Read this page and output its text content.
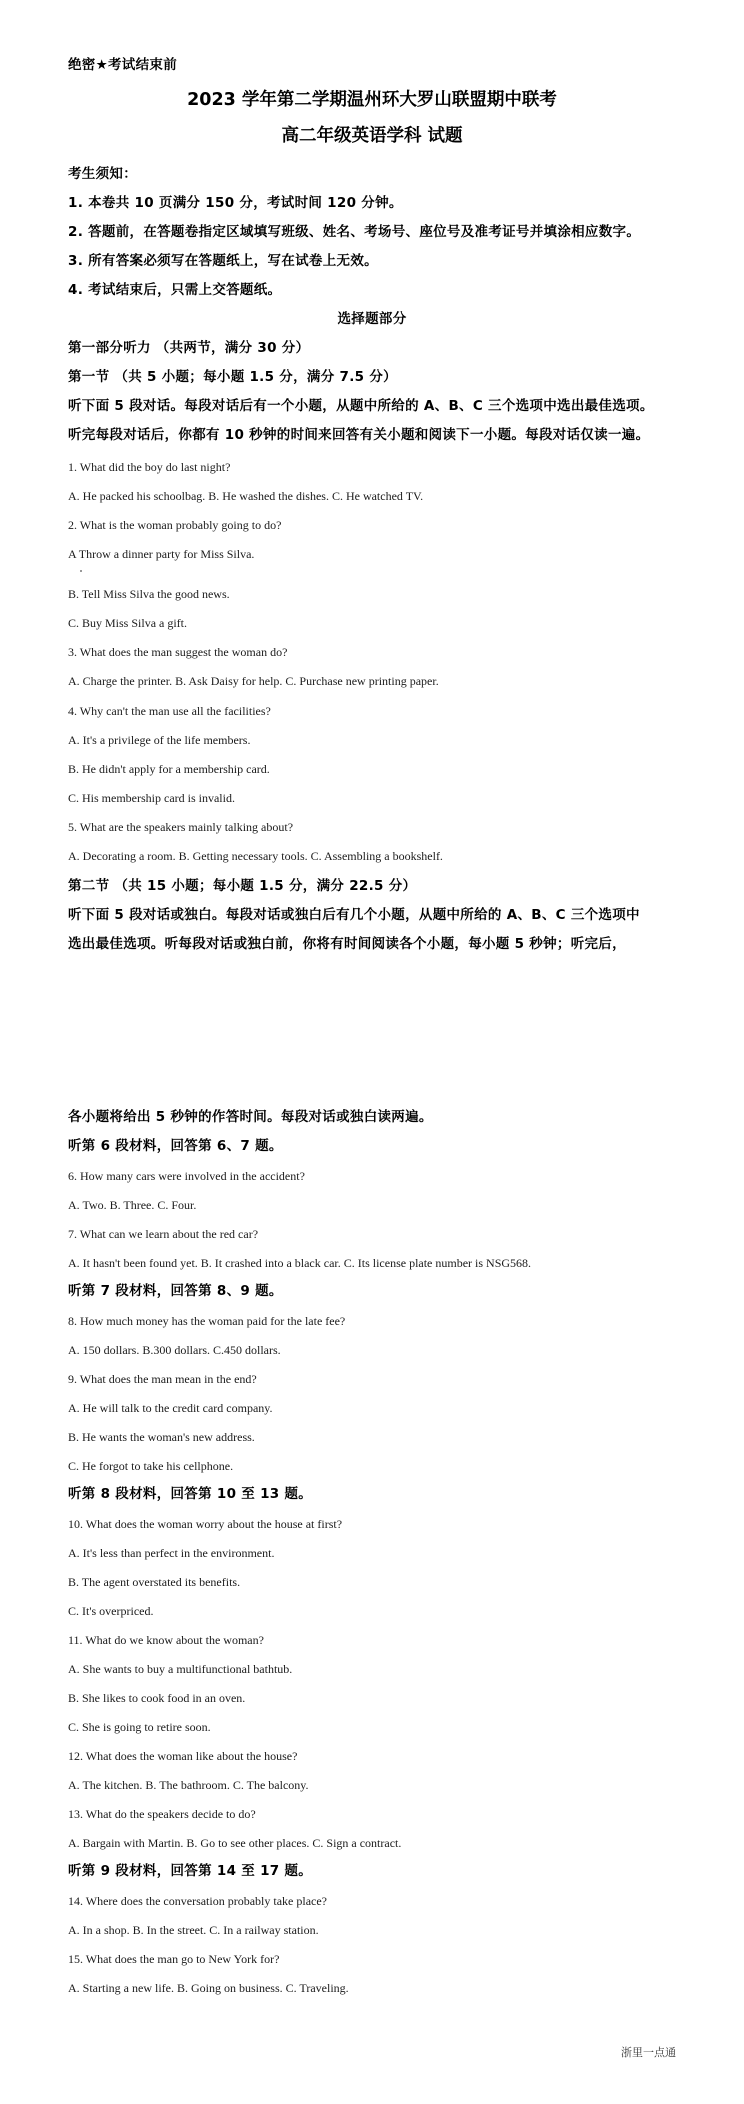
绝密★考试结束前
2023 学年第二学期温州环大罗山联盟期中联考
高二年级英语学科 试题
考生须知：
1. 本卷共 10 页满分 150 分，考试时间 120 分钟。
2. 答题前，在答题卷指定区域填写班级、姓名、考场号、座位号及准考证号并填涂相应数字。
3. 所有答案必须写在答题纸上，写在试卷上无效。
4. 考试结束后，只需上交答题纸。
选择题部分
第一部分听力 （共两节，满分 30 分）
第一节 （共 5 小题；每小题 1.5 分，满分 7.5 分）
听下面 5 段对话。每段对话后有一个小题，从题中所给的 A、B、C 三个选项中选出最佳选项。
听完每段对话后，你都有 10 秒钟的时间来回答有关小题和阅读下一小题。每段对话仅读一遍。
1. What did the boy do last night?
A. He packed his schoolbag. B. He washed the dishes. C. He watched TV.
2. What is the woman probably going to do?
A Throw a dinner party for Miss Silva.
B. Tell Miss Silva the good news.
C. Buy Miss Silva a gift.
3. What does the man suggest the woman do?
A. Charge the printer. B. Ask Daisy for help. C. Purchase new printing paper.
4. Why can't the man use all the facilities?
A. It's a privilege of the life members.
B. He didn't apply for a membership card.
C. His membership card is invalid.
5. What are the speakers mainly talking about?
A. Decorating a room. B. Getting necessary tools. C. Assembling a bookshelf.
第二节 （共 15 小题；每小题 1.5 分，满分 22.5 分）
听下面 5 段对话或独白。每段对话或独白后有几个小题，从题中所给的 A、B、C 三个选项中
选出最佳选项。听每段对话或独白前，你将有时间阅读各个小题，每小题 5 秒钟；听完后，
各小题将给出 5 秒钟的作答时间。每段对话或独白读两遍。
听第 6 段材料，回答第 6、7 题。
6. How many cars were involved in the accident?
A. Two. B. Three. C. Four.
7. What can we learn about the red car?
A. It hasn't been found yet. B. It crashed into a black car. C. Its license plate number is NSG568.
听第 7 段材料，回答第 8、9 题。
8. How much money has the woman paid for the late fee?
A. 150 dollars. B.300 dollars. C.450 dollars.
9. What does the man mean in the end?
A. He will talk to the credit card company.
B. He wants the woman's new address.
C. He forgot to take his cellphone.
听第 8 段材料，回答第 10 至 13 题。
10. What does the woman worry about the house at first?
A. It's less than perfect in the environment.
B. The agent overstated its benefits.
C. It's overpriced.
11. What do we know about the woman?
A. She wants to buy a multifunctional bathtub.
B. She likes to cook food in an oven.
C. She is going to retire soon.
12. What does the woman like about the house?
A. The kitchen. B. The bathroom. C. The balcony.
13. What do the speakers decide to do?
A. Bargain with Martin. B. Go to see other places. C. Sign a contract.
听第 9 段材料，回答第 14 至 17 题。
14. Where does the conversation probably take place?
A. In a shop. B. In the street. C. In a railway station.
15. What does the man go to New York for?
A. Starting a new life. B. Going on business. C. Traveling.
浙里一点通
